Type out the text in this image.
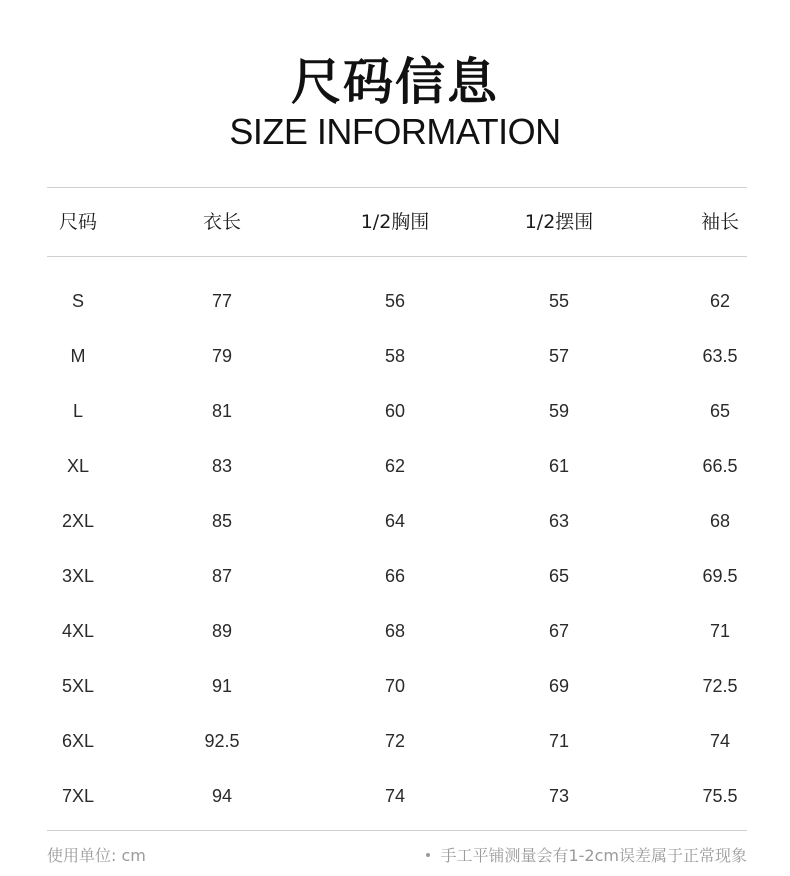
尺码信息
SIZE INFORMATION
尺码	衣长	1/2胸围	1/2摆围	袖长
S	77	56	55	62
M	79	58	57	63.5
L	81	60	59	65
XL	83	62	61	66.5
2XL	85	64	63	68
3XL	87	66	65	69.5
4XL	89	68	67	71
5XL	91	70	69	72.5
6XL	92.5	72	71	74
7XL	94	74	73	75.5
使用单位: cm	手工平铺测量会有1-2cm误差属于正常现象
